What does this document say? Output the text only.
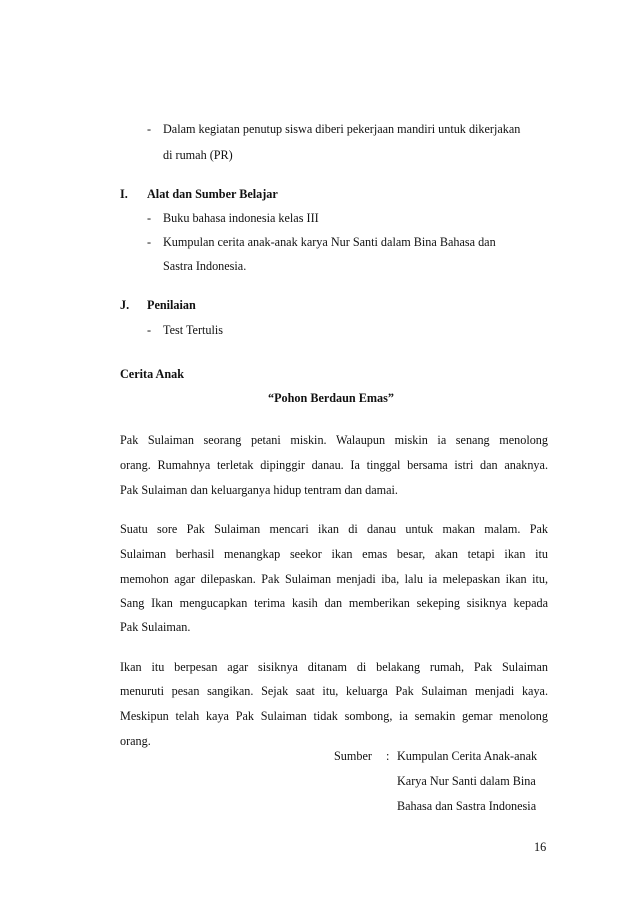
- Dalam kegiatan penutup siswa diberi pekerjaan mandiri untuk dikerjakan
di rumah (PR)
I. Alat dan Sumber Belajar
- Buku bahasa indonesia kelas III
- Kumpulan cerita anak-anak karya Nur Santi dalam Bina Bahasa dan
Sastra Indonesia.
J. Penilaian
- Test Tertulis
Cerita Anak
“Pohon Berdaun Emas”
Pak Sulaiman seorang petani miskin. Walaupun miskin ia senang menolong
orang. Rumahnya terletak dipinggir danau. Ia tinggal bersama istri dan anaknya.
Pak Sulaiman dan keluarganya hidup tentram dan damai.
Suatu sore Pak Sulaiman mencari ikan di danau untuk makan malam. Pak
Sulaiman berhasil menangkap seekor ikan emas besar, akan tetapi ikan itu
memohon agar dilepaskan. Pak Sulaiman menjadi iba, lalu ia melepaskan ikan itu,
Sang Ikan mengucapkan terima kasih dan memberikan sekeping sisiknya kepada
Pak Sulaiman.
Ikan itu berpesan agar sisiknya ditanam di belakang rumah, Pak Sulaiman
menuruti pesan sangikan. Sejak saat itu, keluarga Pak Sulaiman menjadi kaya.
Meskipun telah kaya Pak Sulaiman tidak sombong, ia semakin gemar menolong
orang.
Sumber : Kumpulan Cerita Anak-anak
Karya Nur Santi dalam Bina
Bahasa dan Sastra Indonesia
16
